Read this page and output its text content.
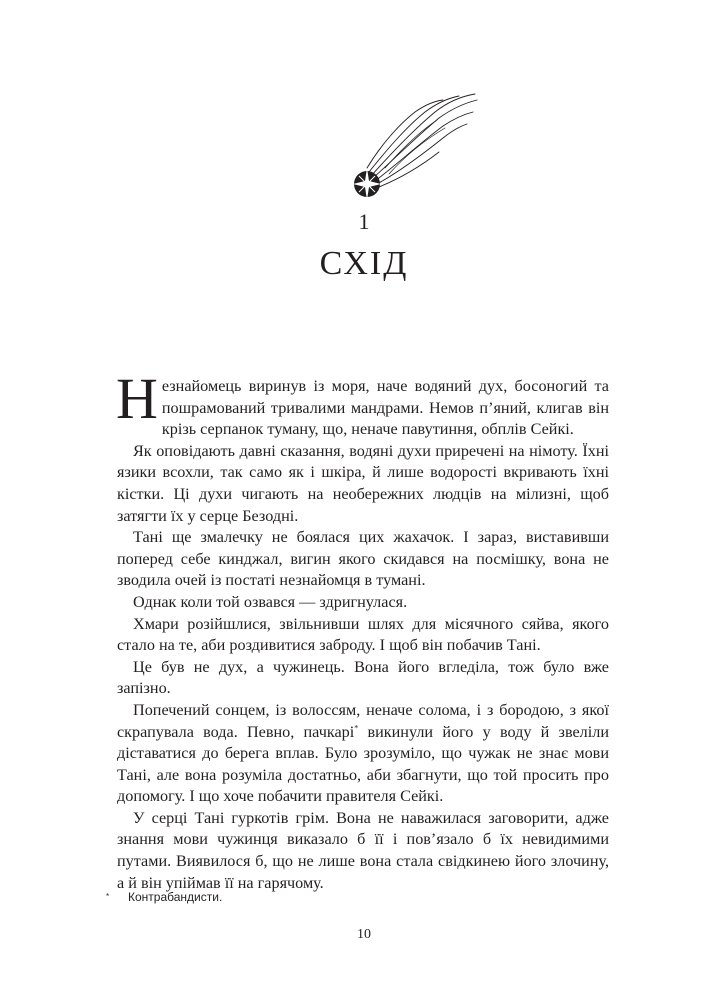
1
СХІД

Незнайомець виринув із моря, наче водяний дух, босоногий та пошрамований тривалими мандрами. Немов п’яний, клигав він крізь серпанок туману, що, неначе павутиння, обплів Сейкі.

Як оповідають давні сказання, водяні духи приречені на німоту. Їхні язики всохли, так само як і шкіра, й лише водорості вкривають їхні кістки. Ці духи чигають на необережних людців на мілизні, щоб затягти їх у серце Безодні.

Тані ще змалечку не боялася цих жахачок. І зараз, виставивши поперед себе кинджал, вигин якого скидався на посмішку, вона не зводила очей із постаті незнайомця в тумані.

Однак коли той озвався — здригнулася.

Хмари розійшлися, звільнивши шлях для місячного сяйва, якого стало на те, аби роздивитися заброду. І щоб він побачив Тані.

Це був не дух, а чужинець. Вона його вгледіла, тож було вже запізно.

Попечений сонцем, із волоссям, неначе солома, і з бородою, з якої скрапувала вода. Певно, пачкарі* викинули його у воду й звеліли діставатися до берега вплав. Було зрозуміло, що чужак не знає мови Тані, але вона розуміла достатньо, аби збагнути, що той просить про допомогу. І що хоче побачити правителя Сейкі.

У серці Тані гуркотів грім. Вона не наважилася заговорити, адже знання мови чужинця виказало б її і пов’язало б їх невидимими путами. Виявилося б, що не лише вона стала свідкинею його злочину, а й він упіймав її на гарячому.

* Контрабандисти.
10
